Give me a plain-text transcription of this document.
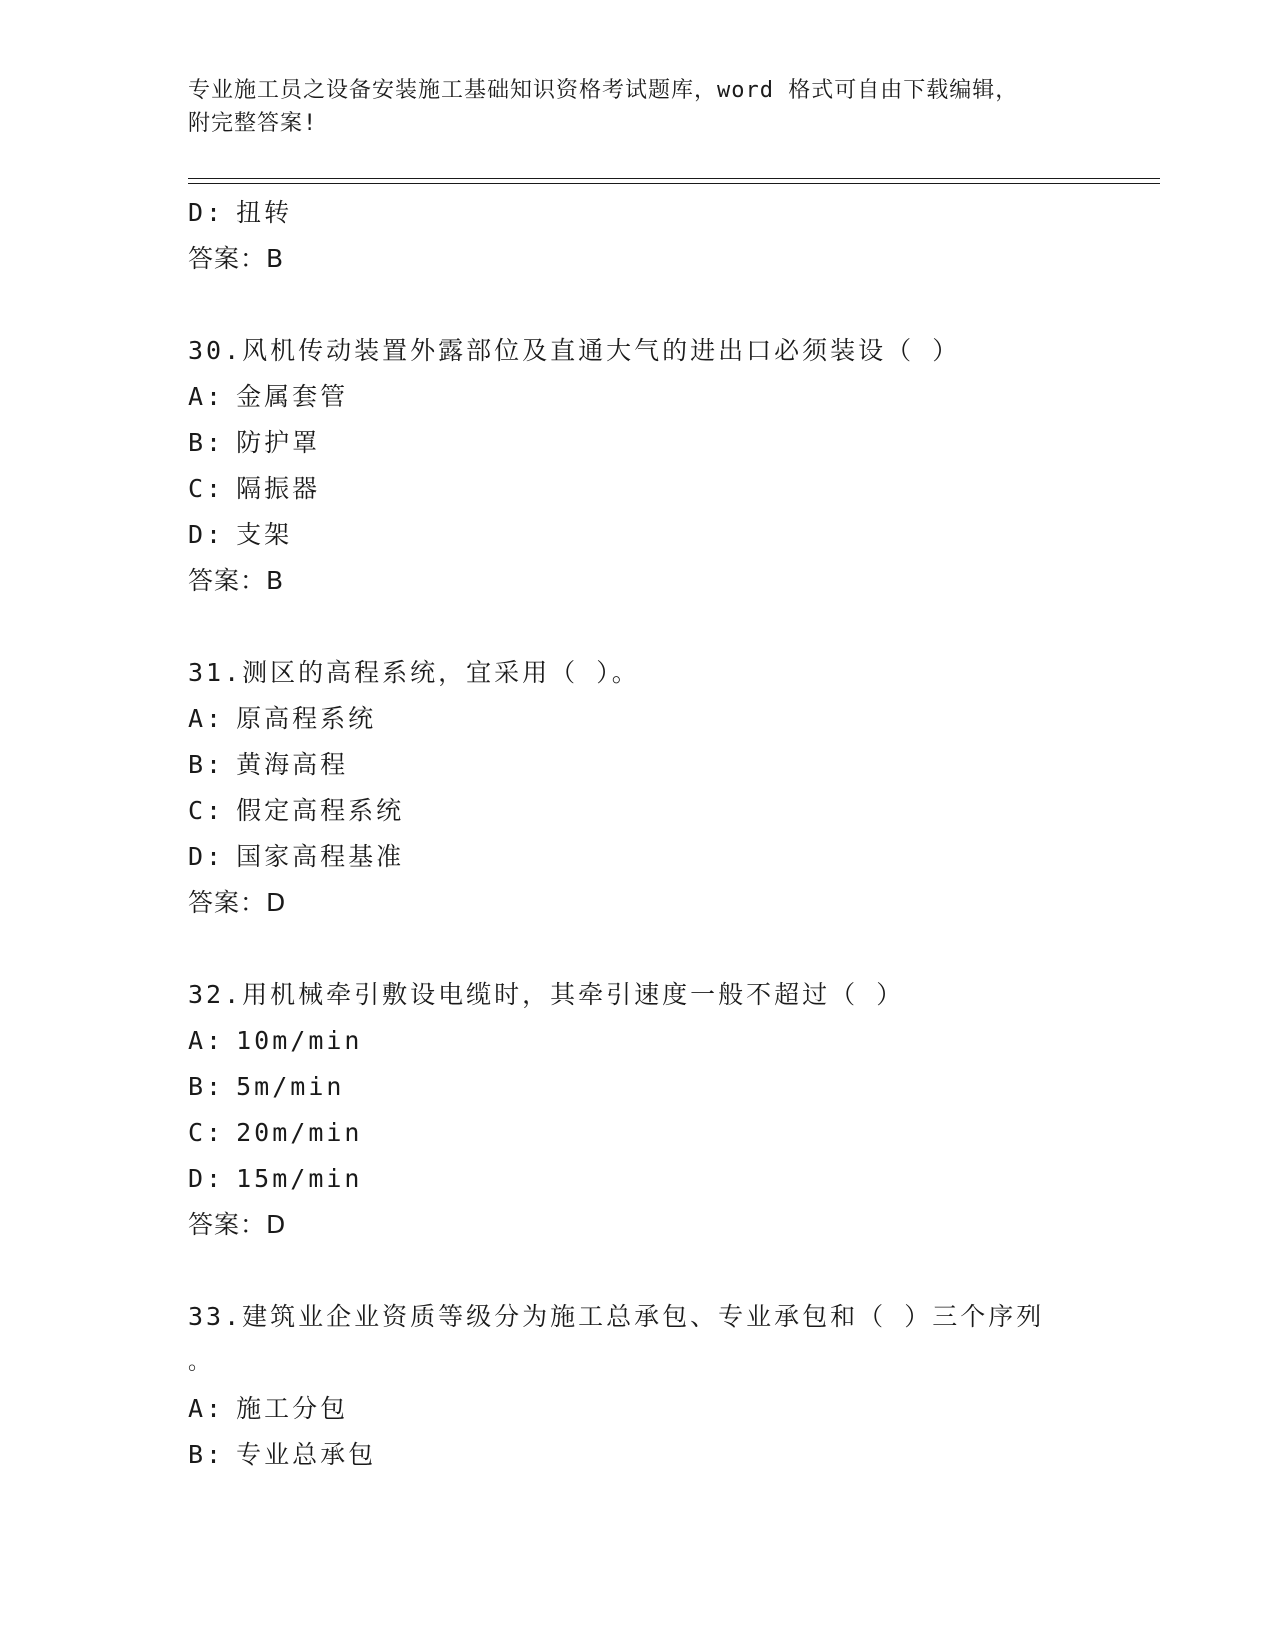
专业施工员之设备安装施工基础知识资格考试题库，word 格式可自由下载编辑，
附完整答案!
D: 扭转
答案：B
30.风机传动装置外露部位及直通大气的进出口必须装设（ ）
A: 金属套管
B: 防护罩
C: 隔振器
D: 支架
答案：B
31.测区的高程系统，宜采用（ ）。
A: 原高程系统
B: 黄海高程
C: 假定高程系统
D: 国家高程基准
答案：D
32.用机械牵引敷设电缆时，其牵引速度一般不超过（ ）
A: 10m/min
B: 5m/min
C: 20m/min
D: 15m/min
答案：D
33.建筑业企业资质等级分为施工总承包、专业承包和（ ）三个序列
。
A: 施工分包
B: 专业总承包
